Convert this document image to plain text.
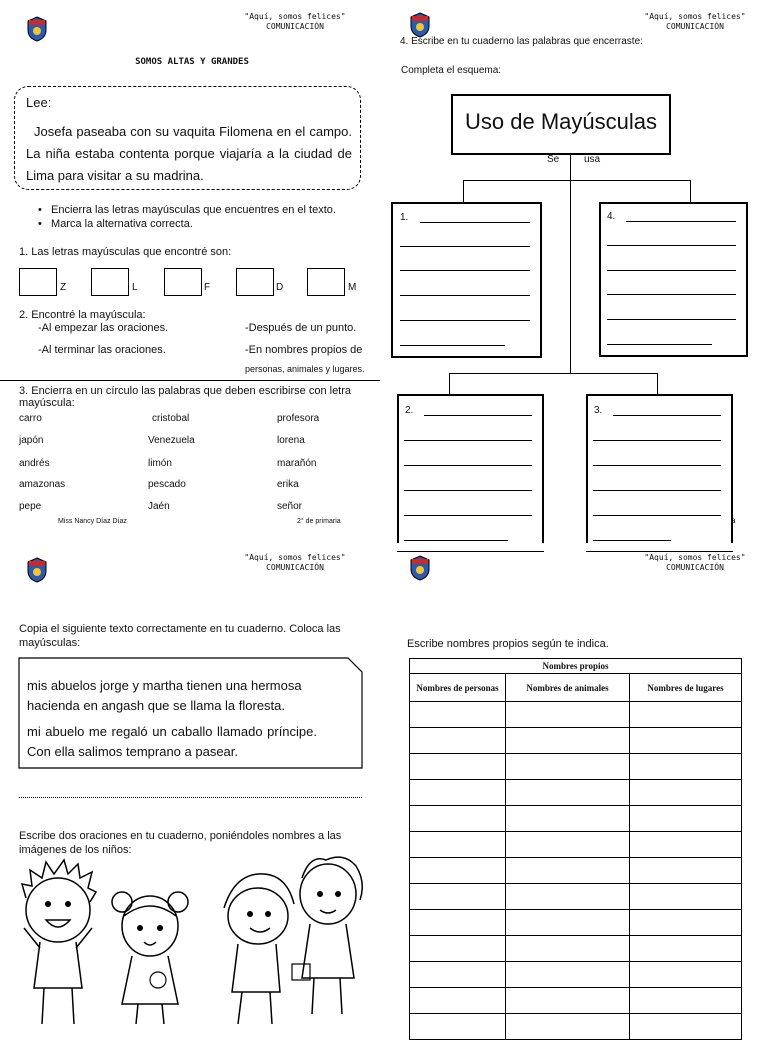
"Aquí, somos felices"
COMUNICACIÓN
"Aquí, somos felices"
COMUNICACIÓN
"Aquí, somos felices"
COMUNICACIÓN
"Aquí, somos felices"
COMUNICACIÓN
SOMOS ALTAS Y GRANDES
Lee:
Josefa paseaba con su vaquita Filomena en el campo. La niña estaba contenta porque viajaría a la ciudad de Lima para visitar a su madrina.
•   Encierra las letras mayúsculas que encuentres en el texto.
•   Marca la alternativa correcta.
1. Las letras mayúsculas que encontré son:
Z	L	F	D	M
2. Encontré la mayúscula:
-Al empezar las oraciones.	-Después de un punto.
-Al terminar las oraciones.	-En nombres propios de
personas, animales y lugares.
3. Encierra en un círculo las palabras que deben escribirse con letra mayúscula:
carro	cristobal	profesora
japón	Venezuela	lorena
andrés	limón	marañón
amazonas	pescado	erika
pepe	Jaén	señor
Miss Nancy Díaz Díaz	2° de primaria
4. Escribe en tu cuaderno las palabras que encerraste:
Completa el esquema:
Uso de Mayúsculas
Se usa
1.	4.
2.	3.
a
Copia el siguiente texto correctamente en tu cuaderno. Coloca las mayúsculas:
mis abuelos jorge y martha tienen una hermosa hacienda en angash que se llama la floresta.
mi abuelo me regaló un caballo llamado príncipe. Con ella salimos temprano a pasear.
Escribe dos oraciones en tu cuaderno, poniéndoles nombres a las imágenes de los niños:
Escribe nombres propios según te indica.
Nombres propios		
Nombres de personas	Nombres de animales	Nombres de lugares
